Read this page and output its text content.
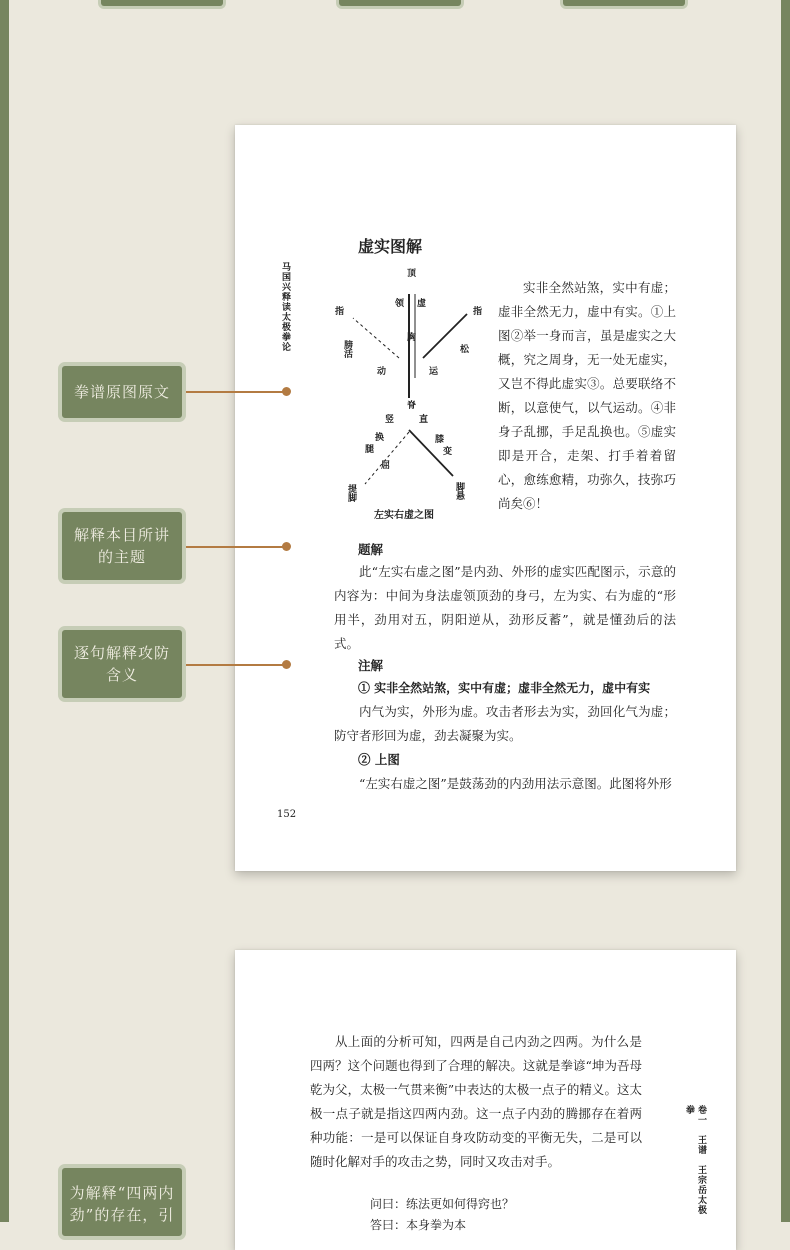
马国兴释读太极拳论
虚实图解
顶
领 虚
胸
指	指
膀活	松
动	运
脊
竖	直
换
腿
屈
膝
变
提脚	脚悬
左实右虚之图
实非全然站煞，实中有虚；虚非全然无力，虚中有实。①上图②举一身而言，虽是虚实之大概，究之周身，无一处无虚实，又岂不得此虚实③。总要联络不断，以意使气，以气运动。④非身子乱挪，手足乱换也。⑤虚实即是开合，走架、打手着着留心，愈练愈精，功弥久，技弥巧尚矣⑥！
题解
此“左实右虚之图”是内劲、外形的虚实匹配图示，示意的内容为：中间为身法虚领顶劲的身弓，左为实、右为虚的“形用半，劲用对五，阴阳逆从，劲形反蓄”，就是懂劲后的法式。
注解
① 实非全然站煞，实中有虚；虚非全然无力，虚中有实
内气为实，外形为虚。攻击者形去为实，劲回化气为虚；防守者形回为虚，劲去凝聚为实。
② 上图
“左实右虚之图”是鼓荡劲的内劲用法示意图。此图将外形
152
拳谱原图原文
解释本目所讲的主题
逐句解释攻防含义
从上面的分析可知，四两是自己内劲之四两。为什么是四两？这个问题也得到了合理的解决。这就是拳谚“坤为吾母乾为父，太极一气贯来衡”中表达的太极一点子的精义。这太极一点子就是指这四两内劲。这一点子内劲的腾挪存在着两种功能：一是可以保证自身攻防动变的平衡无失，二是可以随时化解对手的攻击之势，同时又攻击对手。
问曰：练法更如何得窍也？
答曰：本身拳为本
卷一　王谱　王宗岳太极拳
为解释“四两内劲”的存在，引
